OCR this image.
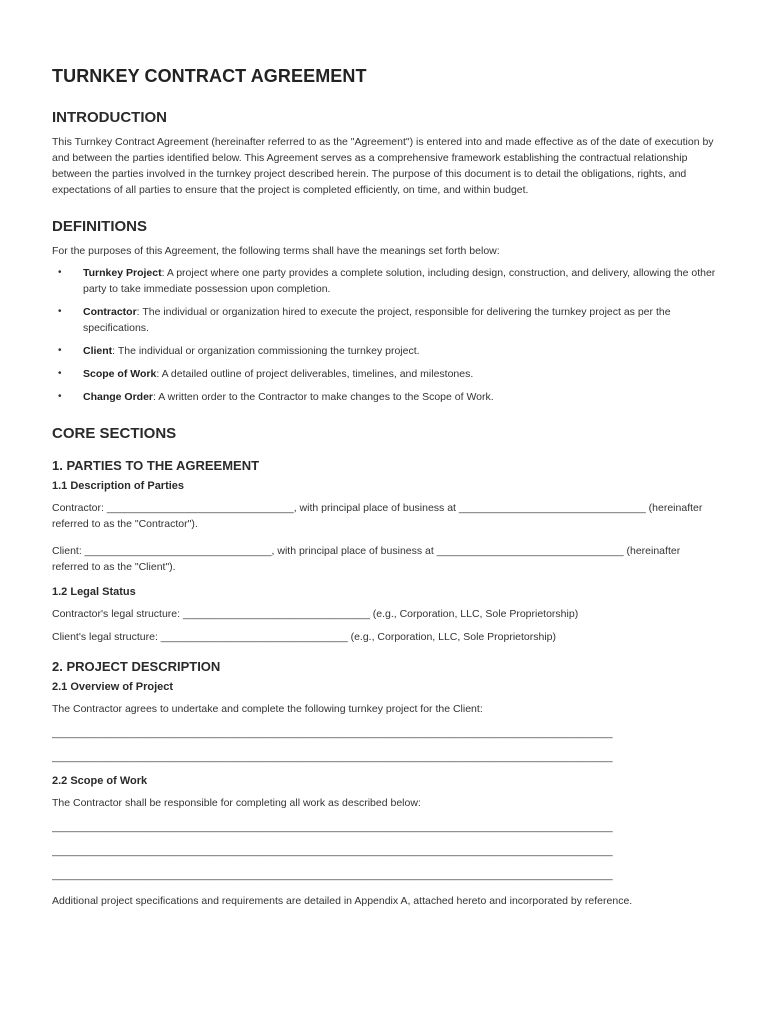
TURNKEY CONTRACT AGREEMENT
INTRODUCTION

This Turnkey Contract Agreement (hereinafter referred to as the "Agreement") is entered into and made effective as of the date of execution by and between the parties identified below. This Agreement serves as a comprehensive framework establishing the contractual relationship between the parties involved in the turnkey project described herein. The purpose of this document is to detail the obligations, rights, and expectations of all parties to ensure that the project is completed efficiently, on time, and within budget.

DEFINITIONS

For the purposes of this Agreement, the following terms shall have the meanings set forth below:

• Turnkey Project: A project where one party provides a complete solution, including design, construction, and delivery, allowing the other party to take immediate possession upon completion.
• Contractor: The individual or organization hired to execute the project, responsible for delivering the turnkey project as per the specifications.
• Client: The individual or organization commissioning the turnkey project.
• Scope of Work: A detailed outline of project deliverables, timelines, and milestones.
• Change Order: A written order to the Contractor to make changes to the Scope of Work.
CORE SECTIONS
1. PARTIES TO THE AGREEMENT
1.1 Description of Parties

Contractor: ________________________________, with principal place of business at ________________________________ (hereinafter referred to as the "Contractor").

Client: ________________________________, with principal place of business at ________________________________ (hereinafter referred to as the "Client").

1.2 Legal Status

Contractor's legal structure: ________________________________ (e.g., Corporation, LLC, Sole Proprietorship)

Client's legal structure: ________________________________ (e.g., Corporation, LLC, Sole Proprietorship)

2. PROJECT DESCRIPTION
2.1 Overview of Project

The Contractor agrees to undertake and complete the following turnkey project for the Client:

________________________________________________________________________________________________
________________________________________________________________________________________________
2.2 Scope of Work

The Contractor shall be responsible for completing all work as described below:

________________________________________________________________________________________________
________________________________________________________________________________________________
________________________________________________________________________________________________

Additional project specifications and requirements are detailed in Appendix A, attached hereto and incorporated by reference.
